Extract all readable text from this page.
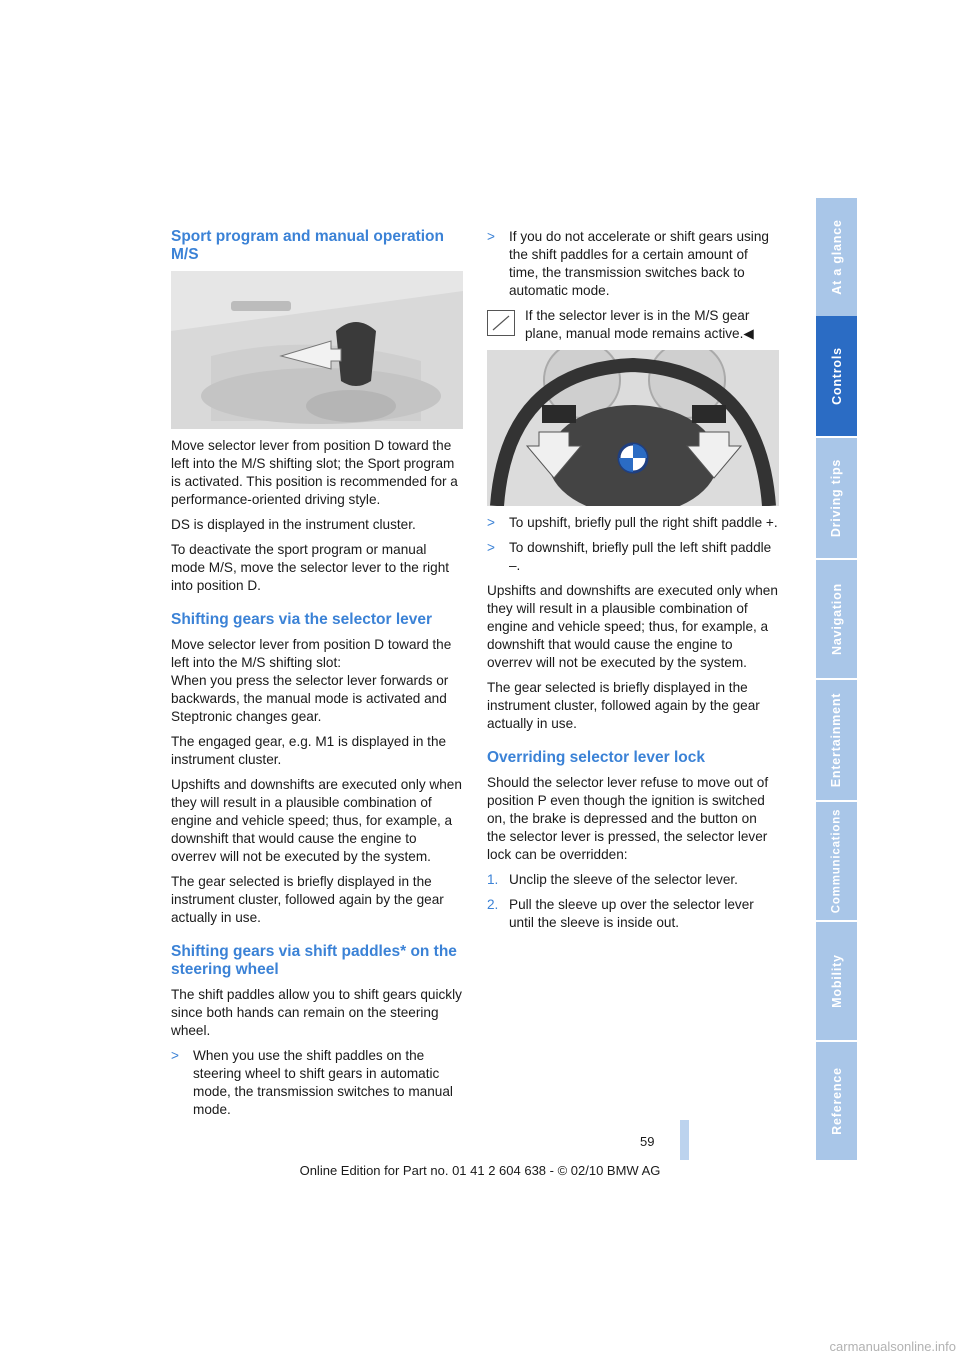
Sport program and manual operation M/S

Move selector lever from position D toward the left into the M/S shifting slot; the Sport program is activated. This position is recommended for a performance-oriented driving style.

DS is displayed in the instrument cluster.

To deactivate the sport program or manual mode M/S, move the selector lever to the right into position D.

Shifting gears via the selector lever

Move selector lever from position D toward the left into the M/S shifting slot:
When you press the selector lever forwards or backwards, the manual mode is activated and Steptronic changes gear.

The engaged gear, e.g. M1 is displayed in the instrument cluster.

Upshifts and downshifts are executed only when they will result in a plausible combination of engine and vehicle speed; thus, for example, a downshift that would cause the engine to overrev will not be executed by the system.

The gear selected is briefly displayed in the instrument cluster, followed again by the gear actually in use.

Shifting gears via shift paddles* on the steering wheel

The shift paddles allow you to shift gears quickly since both hands can remain on the steering wheel.

> When you use the shift paddles on the steering wheel to shift gears in automatic mode, the transmission switches to manual mode.
> If you do not accelerate or shift gears using the shift paddles for a certain amount of time, the transmission switches back to automatic mode.
If the selector lever is in the M/S gear plane, manual mode remains active.◀
> To upshift, briefly pull the right shift paddle +.
> To downshift, briefly pull the left shift paddle –.

Upshifts and downshifts are executed only when they will result in a plausible combination of engine and vehicle speed; thus, for example, a downshift that would cause the engine to overrev will not be executed by the system.

The gear selected is briefly displayed in the instrument cluster, followed again by the gear actually in use.

Overriding selector lever lock

Should the selector lever refuse to move out of position P even though the ignition is switched on, the brake is depressed and the button on the selector lever is pressed, the selector lever lock can be overridden:

1. Unclip the sleeve of the selector lever.
2. Pull the sleeve up over the selector lever until the sleeve is inside out.
At a glance
Controls
Driving tips
Navigation
Entertainment
Communications
Mobility
Reference
59
Online Edition for Part no. 01 41 2 604 638 - © 02/10 BMW AG
carmanualsonline.info
